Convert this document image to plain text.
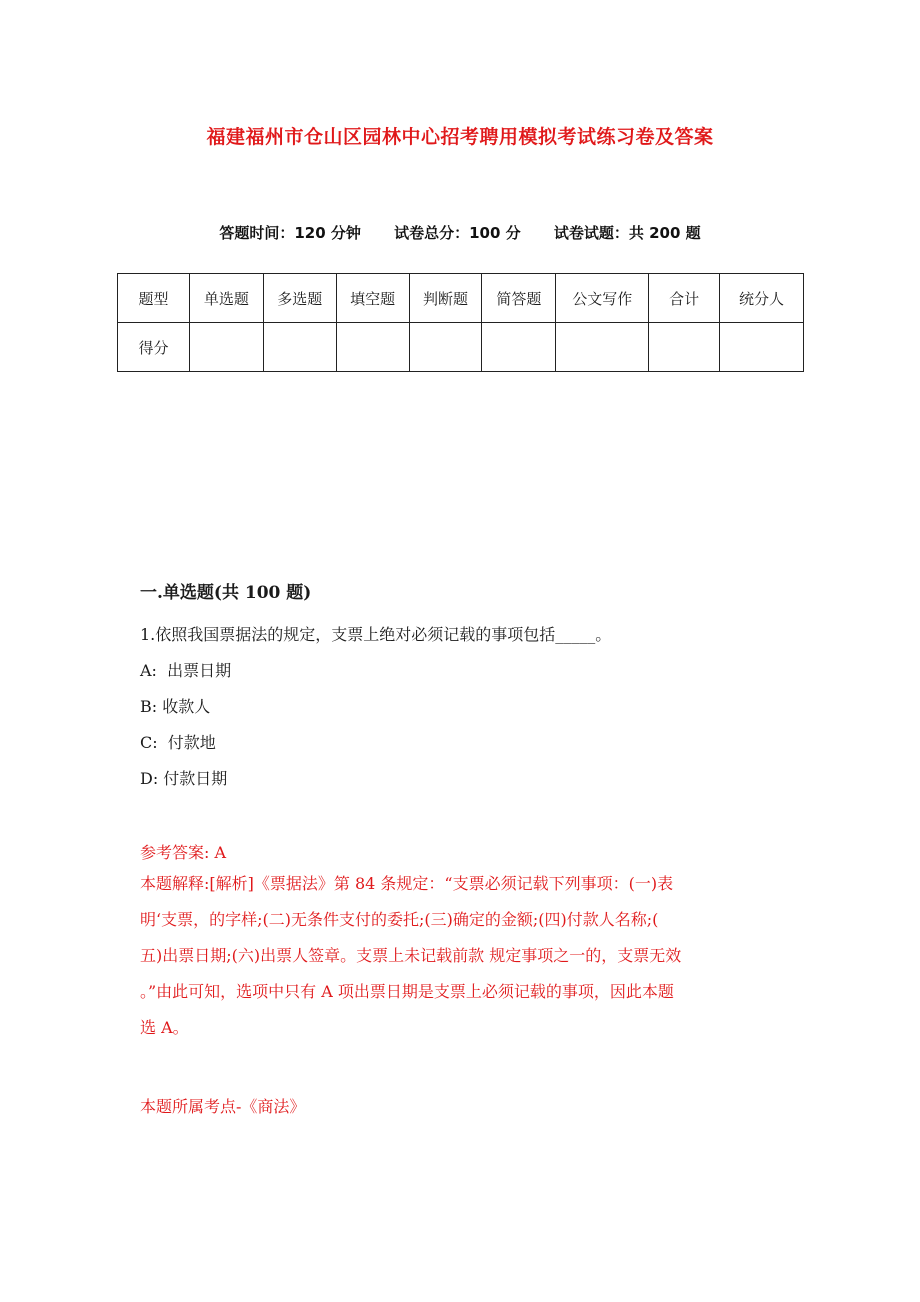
福建福州市仓山区园林中心招考聘用模拟考试练习卷及答案
答题时间：120 分钟 试卷总分：100 分 试卷试题：共 200 题
题型	单选题	多选题	填空题	判断题	简答题	公文写作	合计	统分人
得分								
一.单选题(共 100 题)
1.依照我国票据法的规定，支票上绝对必须记载的事项包括_____。
A:  出票日期
B: 收款人
C:  付款地
D: 付款日期
参考答案: A
本题解释:[解析]《票据法》第 84 条规定：“支票必须记载下列事项：(一)表
明‘支票，的字样;(二)无条件支付的委托;(三)确定的金额;(四)付款人名称;(
五)出票日期;(六)出票人签章。支票上未记载前款 规定事项之一的，支票无效
。”由此可知，选项中只有 A 项出票日期是支票上必须记载的事项，因此本题
选 A。
本题所属考点-《商法》
